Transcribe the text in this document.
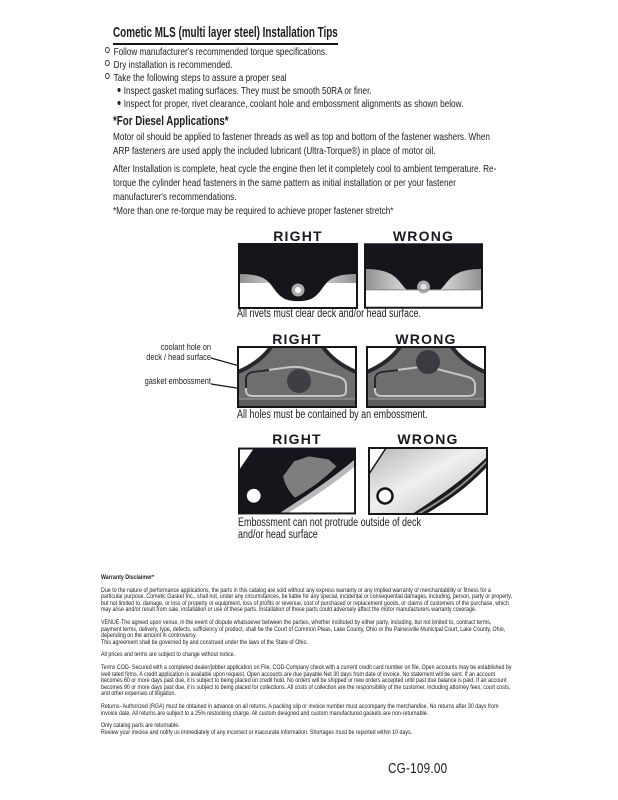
Cometic MLS (multi layer steel) Installation Tips
Follow manufacturer's recommended torque specifications.
Dry installation is recommended.
Take the following steps to assure a proper seal
Inspect gasket mating surfaces. They must be smooth 50RA or finer.
Inspect for proper, rivet clearance, coolant hole and embossment alignments as shown below.
*For Diesel Applications*
Motor oil should be applied to fastener threads as well as top and bottom of the fastener washers. When ARP fasteners are used apply the included lubricant (Ultra-Torque®) in place of motor oil.
After Installation is complete, heat cycle the engine then let it completely cool to ambient temperature. Re-torque the cylinder head fasteners in the same pattern as initial installation or per your fastener manufacturer's recommendations.
*More than one re-torque may be required to achieve proper fastener stretch*
RIGHT	WRONG
All rivets must clear deck and/or head surface.
RIGHT	WRONG
coolant hole on
deck / head surface
gasket embossment
All holes must be contained by an embossment.
RIGHT	WRONG
Embossment can not protrude outside of deck and/or head surface
Warranty Disclaimer*
Due to the nature of performance applications, the parts in this catalog are sold without any express warranty or any implied warranty of merchantability or fitness for a particular purpose. Cometic Gasket Inc., shall not, under any circumstances, be liable for any special, incidental or consequential damages, including, person, party or property, but not limited to, damage, or loss of property or equipment, loss of profits or revenue, cost of purchased or replacement goods, or claims of customers of the purchase, which may arise and/or result from sale, installation or use of these parts. Installation of these parts could adversely affect the motor manufacturers warranty coverage.
VENUE-The agreed upon venue, in the event of dispute whatsoever between the parties, whether instituted by either party, including, but not limited to, contract terms, payment terms, delivery, type, defects, sufficiency of product, shall be the Court of Common Pleas, Lake County, Ohio or the Painesville Municipal Court, Lake County, Ohio, depending on the amount in controversy.
This agreement shall be governed by and construed under the laws of the State of Ohio.
All prices and terms are subject to change without notice.
Terms COD- Secured with a completed dealer/jobber application on File, COD-Company check with a current credit card number on file. Open accounts may be established by well rated firms. A credit application is available upon request. Open accounts are due payable Net 30 days from date of invoice. No statement will be sent. If an account becomes 60 or more days past due, it is subject to being placed on credit hold. No orders will be shipped or new orders accepted until past due balance is paid. If an account becomes 90 or more days past due, it is subject to being placed for collections. All costs of collection are the responsibility of the customer, including attorney fees, court costs, and other expenses of litigation.
Returns- Authorized (RGA) must be obtained in advance on all returns. A packing slip or invoice number must accompany the merchandise. No returns after 30 days from invoice date. All returns are subject to a 25% restocking charge. All custom designed and custom manufactured gaskets are non-returnable.
Only catalog parts are returnable.
Review your invoice and notify us immediately of any incorrect or inaccurate information. Shortages must be reported within 10 days.
CG-109.00
